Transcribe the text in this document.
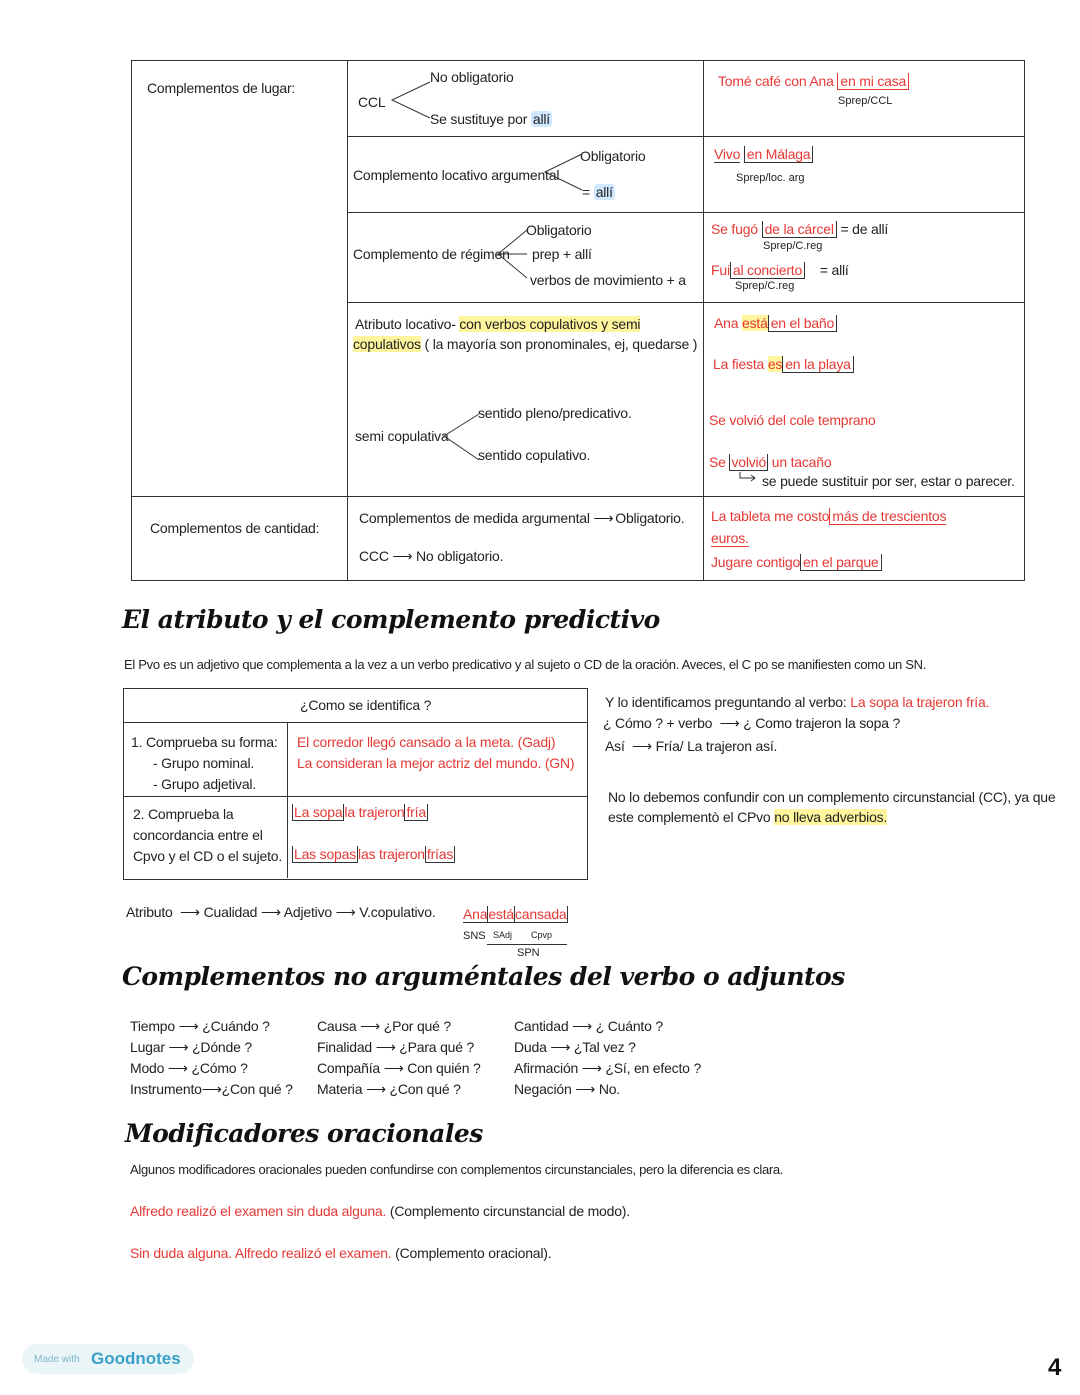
Complementos de lugar:
CCL
No obligatorio
Se sustituye por allí
Tomé café con Ana en mi casa
Sprep/CCL
Complemento locativo argumental
Obligatorio
= allí
Vivo en Málaga
Sprep/loc. arg
Complemento de régimen
Obligatorio
prep + allí
verbos de movimiento + a
Se fugó de la cárcel = de allí
Sprep/C.reg
Fui al concierto = allí
Sprep/C.reg
Atributo locativo- con verbos copulativos y semi
copulativos ( la mayoría son pronominales, ej, quedarse )
Ana está en el baño
La fiesta es en la playa
semi copulativa
sentido pleno/predicativo.
sentido copulativo.
Se volvió del cole temprano
Se volvió un tacaño
se puede sustituir por ser, estar o parecer.
Complementos de cantidad:
Complementos de medida argumental ⟶ Obligatorio.
CCC ⟶ No obligatorio.
La tableta me costo más de trescientos
euros.
Jugare contigo en el parque
El atributo y el complemento predictivo
El Pvo es un adjetivo que complementa a la vez a un verbo predicativo y al sujeto o CD de la oración. Aveces, el C po se manifiesten como un SN.
¿Como se identifica ?
1. Comprueba su forma:
- Grupo nominal.
- Grupo adjetival.
El corredor llegó cansado a la meta. (Gadj)
La consideran la mejor actriz del mundo. (GN)
2. Comprueba la
concordancia entre el
Cpvo y el CD o el sujeto.
La sopa la trajeron fría
Las sopas las trajeron frías
Y lo identificamos preguntando al verbo: La sopa la trajeron fría.
¿ Cómo ? + verbo  ⟶ ¿ Como trajeron la sopa ?
Así  ⟶ Fría/ La trajeron así.
No lo debemos confundir con un complemento circunstancial (CC), ya que
este complementò el CPvo no lleva adverbios.
Atributo  ⟶ Cualidad ⟶ Adjetivo ⟶ V.copulativo. Anaestácansada
SNS SAdj Cpvp
SPN
Complementos no arguméntales del verbo o adjuntos
Tiempo ⟶ ¿Cuándo ?
Lugar ⟶ ¿Dónde ?
Modo ⟶ ¿Cómo ?
Instrumento⟶¿Con qué ?
Causa ⟶ ¿Por qué ?
Finalidad ⟶ ¿Para qué ?
Compañía ⟶ Con quién ?
Materia ⟶ ¿Con qué ?
Cantidad ⟶ ¿ Cuánto ?
Duda ⟶ ¿Tal vez ?
Afirmación ⟶ ¿Sí, en efecto ?
Negación ⟶ No.
Modificadores oracionales
Algunos modificadores oracionales pueden confundirse con complementos circunstanciales, pero la diferencia es clara.
Alfredo realizó el examen sin duda alguna. (Complemento circunstancial de modo).
Sin duda alguna. Alfredo realizó el examen. (Complemento oracional).
Made with Goodnotes	4
